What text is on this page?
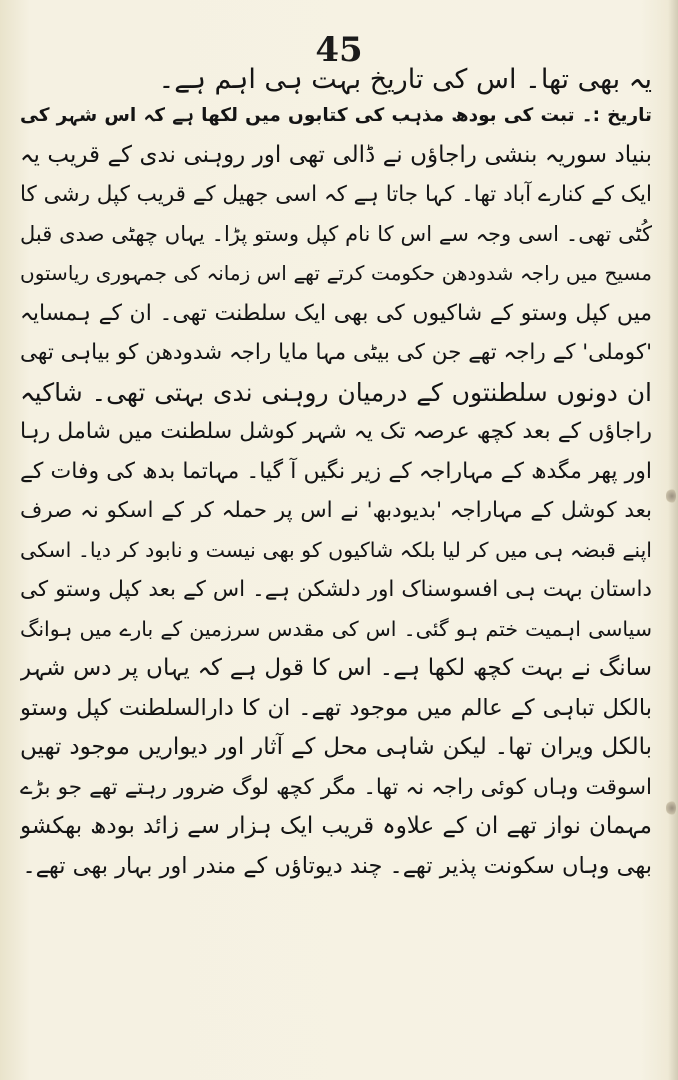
45

یہ بھی تھا۔ اس کی تاریخ بہت ہی اہم ہے۔
تاریخ :۔ تبت کی بودھ مذہب کی کتابوں میں لکھا ہے کہ اس شہر کی
بنیاد سوریہ بنشی راجاؤں نے ڈالی تھی اور روہنی ندی کے قریب یہ
ایک کے کنارے آباد تھا۔ کہا جاتا ہے کہ اسی جھیل کے قریب کپل رشی کا
کُٹی تھی۔ اسی وجہ سے اس کا نام کپل وستو پڑا۔ یہاں چھٹی صدی قبل
مسیح میں راجہ شدودھن حکومت کرتے تھے اس زمانہ کی جمہوری ریاستوں
میں کپل وستو کے شاکیوں کی بھی ایک سلطنت تھی۔ ان کے ہمسایہ
'کوملی' کے راجہ تھے جن کی بیٹی مہا مایا راجہ شدودھن کو بیاہی تھی
ان دونوں سلطنتوں کے درمیان روہنی ندی بہتی تھی۔ شاکیہ
راجاؤں کے بعد کچھ عرصہ تک یہ شہر کوشل سلطنت میں شامل رہا
اور پھر مگدھ کے مہاراجہ کے زیر نگیں آ گیا۔ مہاتما بدھ کی وفات کے
بعد کوشل کے مہاراجہ 'بدیودبھ' نے اس پر حملہ کر کے اسکو نہ صرف
اپنے قبضہ ہی میں کر لیا بلکہ شاکیوں کو بھی نیست و نابود کر دیا۔ اسکی
داستان بہت ہی افسوسناک اور دلشکن ہے۔ اس کے بعد کپل وستو کی
سیاسی اہمیت ختم ہو گئی۔ اس کی مقدس سرزمین کے بارے میں ہوانگ
سانگ نے بہت کچھ لکھا ہے۔ اس کا قول ہے کہ یہاں پر دس شہر
بالکل تباہی کے عالم میں موجود تھے۔ ان کا دارالسلطنت کپل وستو
بالکل ویران تھا۔ لیکن شاہی محل کے آثار اور دیواریں موجود تھیں
اسوقت وہاں کوئی راجہ نہ تھا۔ مگر کچھ لوگ ضرور رہتے تھے جو بڑے
مہمان نواز تھے ان کے علاوہ قریب ایک ہزار سے زائد بودھ بھکشو
بھی وہاں سکونت پذیر تھے۔ چند دیوتاؤں کے مندر اور بہار بھی تھے۔
